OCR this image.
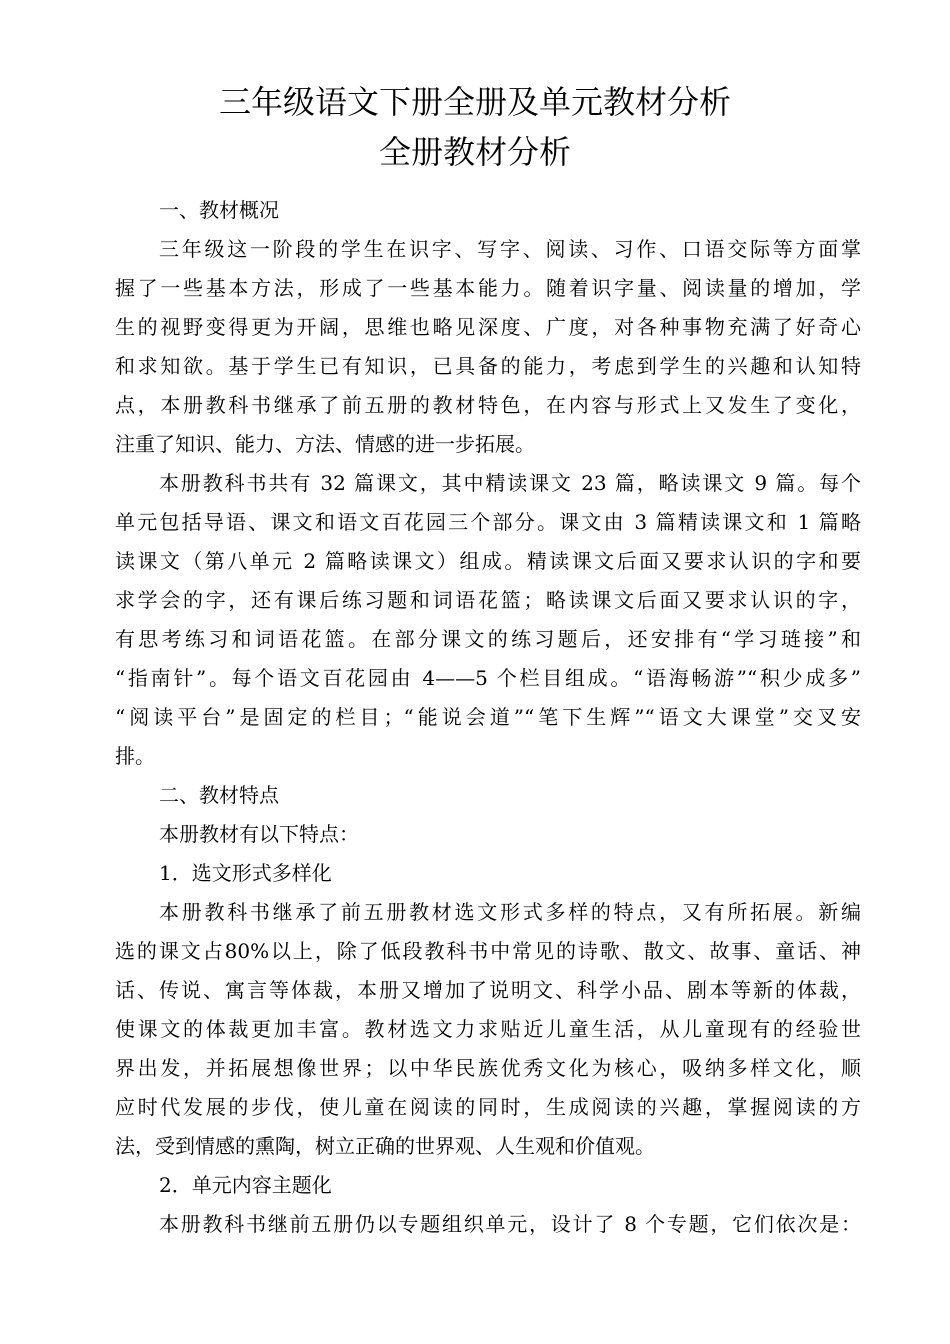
三年级语文下册全册及单元教材分析
全册教材分析
一、教材概况
三年级这一阶段的学生在识字、写字、阅读、习作、口语交际等方面掌
握了一些基本方法，形成了一些基本能力。随着识字量、阅读量的增加，学
生的视野变得更为开阔，思维也略见深度、广度，对各种事物充满了好奇心
和求知欲。基于学生已有知识，已具备的能力，考虑到学生的兴趣和认知特
点，本册教科书继承了前五册的教材特色，在内容与形式上又发生了变化，
注重了知识、能力、方法、情感的进一步拓展。
本册教科书共有 32 篇课文，其中精读课文 23 篇，略读课文 9 篇。每个
单元包括导语、课文和语文百花园三个部分。课文由 3 篇精读课文和 1 篇略
读课文（第八单元 2 篇略读课文）组成。精读课文后面又要求认识的字和要
求学会的字，还有课后练习题和词语花篮；略读课文后面又要求认识的字，
有思考练习和词语花篮。在部分课文的练习题后，还安排有“学习琏接”和
“指南针”。每个语文百花园由 4——5 个栏目组成。“语海畅游”“积少成多”
“阅读平台”是固定的栏目；“能说会道”“笔下生辉”“语文大课堂”交叉安
排。
二、教材特点
本册教材有以下特点：
1．选文形式多样化
本册教科书继承了前五册教材选文形式多样的特点，又有所拓展。新编
选的课文占80%以上，除了低段教科书中常见的诗歌、散文、故事、童话、神
话、传说、寓言等体裁，本册又增加了说明文、科学小品、剧本等新的体裁，
使课文的体裁更加丰富。教材选文力求贴近儿童生活，从儿童现有的经验世
界出发，并拓展想像世界；以中华民族优秀文化为核心，吸纳多样文化，顺
应时代发展的步伐，使儿童在阅读的同时，生成阅读的兴趣，掌握阅读的方
法，受到情感的熏陶，树立正确的世界观、人生观和价值观。
2．单元内容主题化
本册教科书继前五册仍以专题组织单元，设计了 8 个专题，它们依次是：
